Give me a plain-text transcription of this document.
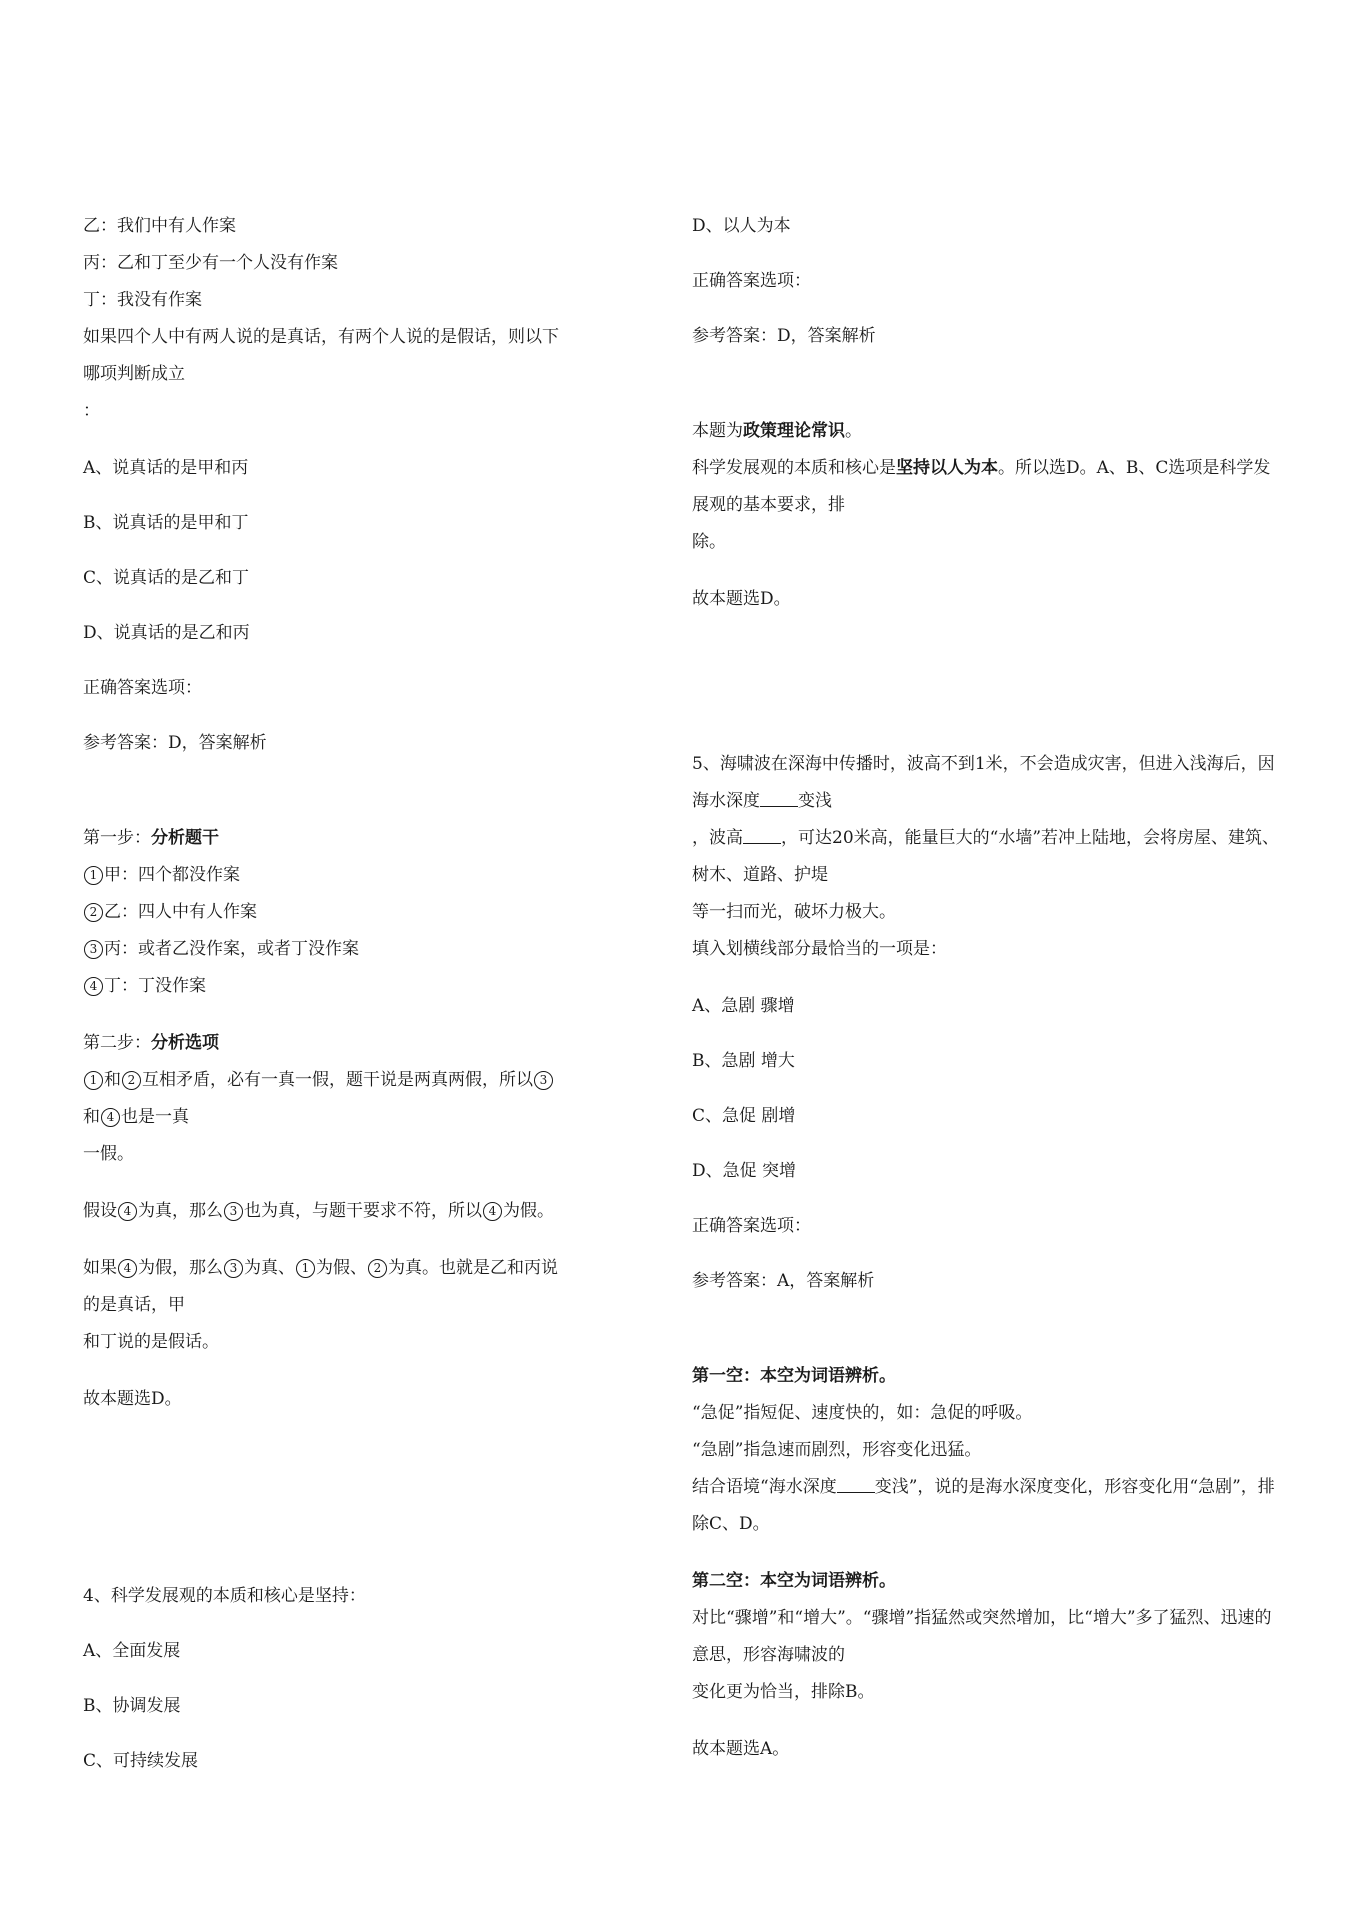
乙：我们中有人作案

丙：乙和丁至少有一个人没有作案

丁：我没有作案

如果四个人中有两人说的是真话，有两个人说的是假话，则以下哪项判断成立

：

A、说真话的是甲和丙

B、说真话的是甲和丁

C、说真话的是乙和丁

D、说真话的是乙和丙

正确答案选项：

参考答案：D，答案解析

第一步：分析题干

1 甲：四个都没作案

2 乙：四人中有人作案

3 丙：或者乙没作案，或者丁没作案

4 丁：丁没作案

第二步：分析选项

1 和 2 互相矛盾，必有一真一假，题干说是两真两假，所以 3和 4 也是一真

一假。

假设 4 为真，那么 3 也为真，与题干要求不符，所以 4 为假。

如果 4 为假，那么 3 为真、 1 为假、 2 为真。也就是乙和丙说的是真话，甲

和丁说的是假话。

故本题选D。

4、科学发展观的本质和核心是坚持：

A、全面发展

B、协调发展

C、可持续发展

D、以人为本

正确答案选项：

参考答案：D，答案解析

本题为政策理论常识。

科学发展观的本质和核心是坚持以人为本。所以选D。A、B、C选项是科学发展观的基本要求，排

除。

故本题选D。

5、海啸波在深海中传播时，波高不到1米，不会造成灾害，但进入浅海后，因海水深度 变浅

，波高 ，可达20米高，能量巨大的“水墙”若冲上陆地，会将房屋、建筑、树木、道路、护堤

等一扫而光，破坏力极大。

填入划横线部分最恰当的一项是：

A、急剧 骤增

B、急剧 增大

C、急促 剧增

D、急促 突增

正确答案选项：

参考答案：A，答案解析

第一空：本空为词语辨析。

“急促”指短促、速度快的，如：急促的呼吸。

“急剧”指急速而剧烈，形容变化迅猛。

结合语境“海水深度 变浅”，说的是海水深度变化，形容变化用“急剧”，排除C、D。

第二空：本空为词语辨析。

对比“骤增”和“增大”。“骤增”指猛然或突然增加，比“增大”多了猛烈、迅速的意思，形容海啸波的

变化更为恰当，排除B。

故本题选A。
